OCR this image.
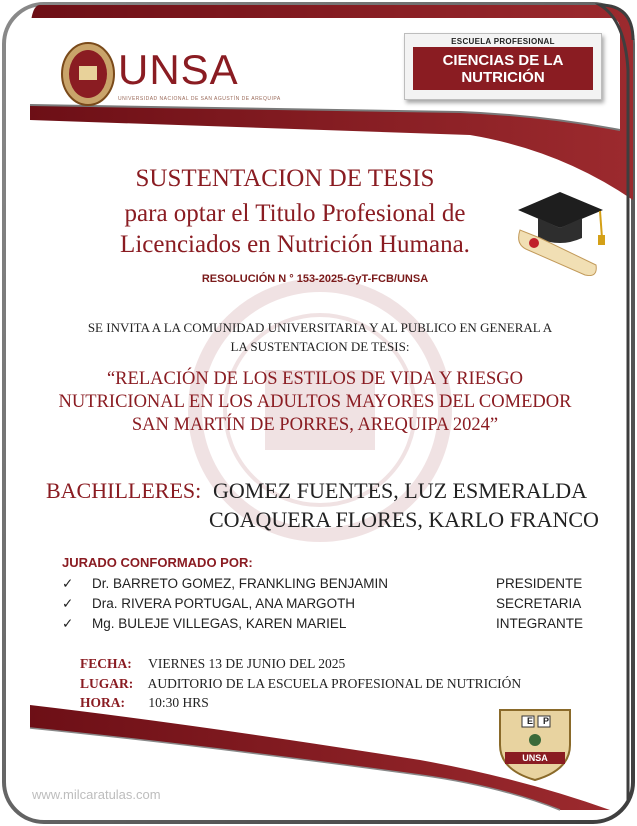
UNSA
UNIVERSIDAD NACIONAL DE SAN AGUSTÍN DE AREQUIPA
ESCUELA PROFESIONAL
CIENCIAS DE LA
NUTRICIÓN
SUSTENTACION DE TESIS
para optar el Titulo Profesional de
Licenciados en Nutrición Humana.
RESOLUCIÓN N ° 153-2025-GyT-FCB/UNSA
SE INVITA A LA COMUNIDAD UNIVERSITARIA Y AL PUBLICO EN GENERAL A
LA SUSTENTACION DE TESIS:
“RELACIÓN DE LOS ESTILOS DE VIDA Y RIESGO
NUTRICIONAL EN LOS ADULTOS MAYORES DEL COMEDOR
SAN MARTÍN DE PORRES, AREQUIPA 2024”
BACHILLERES: GOMEZ FUENTES, LUZ ESMERALDA
COAQUERA FLORES, KARLO FRANCO
JURADO CONFORMADO POR:
✓ Dr. BARRETO GOMEZ, FRANKLING BENJAMIN	PRESIDENTE
✓ Dra. RIVERA PORTUGAL, ANA MARGOTH	SECRETARIA
✓ Mg. BULEJE VILLEGAS, KAREN MARIEL	INTEGRANTE
FECHA: VIERNES 13 DE JUNIO DEL 2025
LUGAR: AUDITORIO DE LA ESCUELA PROFESIONAL DE NUTRICIÓN
HORA: 10:30 HRS
E	P
UNSA
www.milcaratulas.com
